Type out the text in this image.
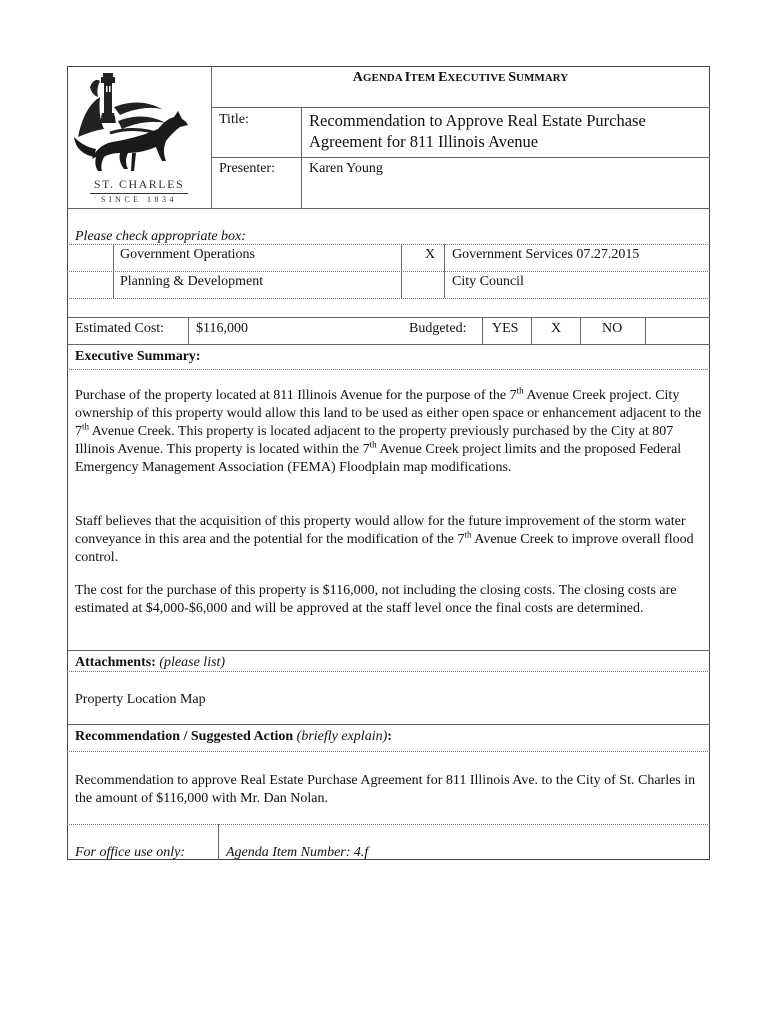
ST. CHARLES
SINCE 1834
AGENDA ITEM EXECUTIVE SUMMARY
Title:	Recommendation to Approve Real Estate Purchase
Agreement for 811 Illinois Avenue
Presenter: Karen Young
Please check appropriate box:
Government Operations	X Government Services 07.27.2015
Planning & Development	City Council
Estimated Cost: $116,000	Budgeted: YES X	NO
Executive Summary:
Purchase of the property located at 811 Illinois Avenue for the purpose of the 7th Avenue Creek project. City ownership of this property would allow this land to be used as either open space or enhancement adjacent to the 7th Avenue Creek. This property is located adjacent to the property previously purchased by the City at 807 Illinois Avenue. This property is located within the 7th Avenue Creek project limits and the proposed Federal Emergency Management Association (FEMA) Floodplain map modifications.
Staff believes that the acquisition of this property would allow for the future improvement of the storm water conveyance in this area and the potential for the modification of the 7th Avenue Creek to improve overall flood control.
The cost for the purchase of this property is $116,000, not including the closing costs. The closing costs are estimated at $4,000-$6,000 and will be approved at the staff level once the final costs are determined.
Attachments: (please list)
Property Location Map
Recommendation / Suggested Action (briefly explain):
Recommendation to approve Real Estate Purchase Agreement for 811 Illinois Ave. to the City of St. Charles in the amount of $116,000 with Mr. Dan Nolan.
For office use only:	Agenda Item Number: 4.f
